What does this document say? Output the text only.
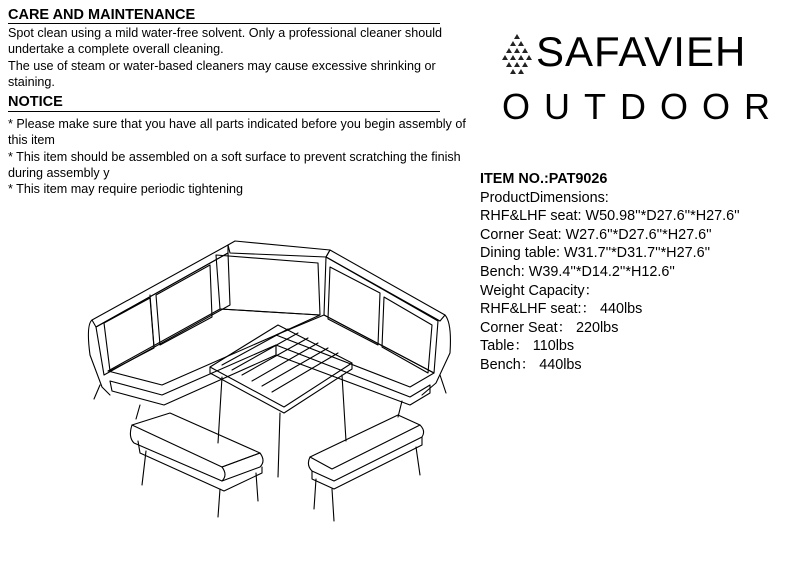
CARE AND MAINTENANCE

Spot clean using a mild water-free solvent. Only a professional cleaner should undertake a complete overall cleaning.

The use of steam or water-based cleaners may cause excessive shrinking or staining.

NOTICE

* Please make sure that you have all parts indicated before you begin assembly of this item

* This item should be assembled on a soft surface to prevent scratching the finish during assembly y

* This item may require periodic tightening

SAFAVIEH
OUTDOOR
ITEM NO.:PAT9026
ProductDimensions:
RHF&LHF seat: W50.98''*D27.6''*H27.6''
Corner Seat: W27.6''*D27.6''*H27.6''
Dining table: W31.7''*D31.7''*H27.6''
Bench: W39.4''*D14.2''*H12.6''
Weight Capacity：
RHF&LHF seat:： 440lbs
Corner Seat： 220lbs
Table： 110lbs
Bench： 440lbs
